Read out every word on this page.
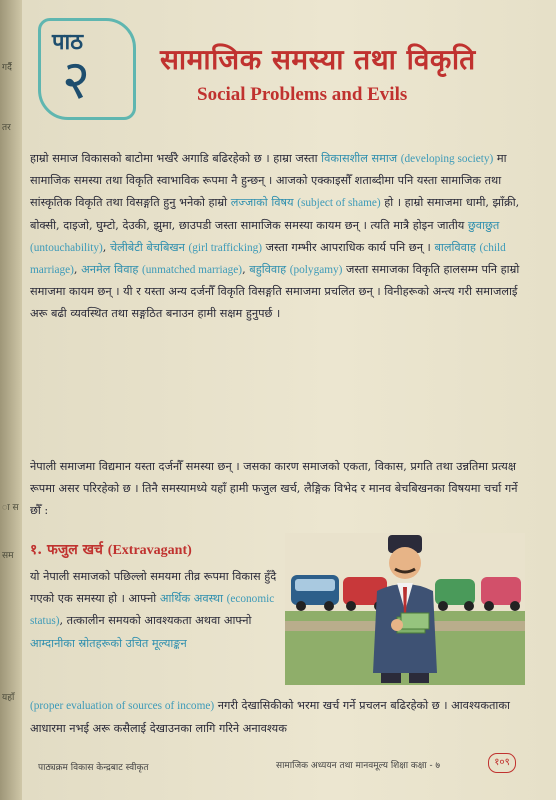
गर्दै
तर
ा स
सम
यहाँ
पाठ
२ सामाजिक समस्या तथा विकृति
Social Problems and Evils
हाम्रो समाज विकासको बाटोमा भर्खरै अगाडि बढिरहेको छ । हाम्रा जस्ता विकासशील समाज (developing society) मा सामाजिक समस्या तथा विकृति स्वाभाविक रूपमा नै हुन्छन् । आजको एक्काइसौँ शताब्दीमा पनि यस्ता सामाजिक तथा सांस्कृतिक विकृति तथा विसङ्गति हुनु भनेको हाम्रो लज्जाको विषय (subject of shame) हो । हाम्रो समाजमा धामी, झाँक्री, बोक्सी, दाइजो, घुम्टो, देउकी, झुमा, छाउपडी जस्ता सामाजिक समस्या कायम छन् । त्यति मात्रै होइन जातीय छुवाछुत (untouchability), चेलीबेटी बेचबिखन (girl trafficking) जस्ता गम्भीर आपराधिक कार्य पनि छन् । बालविवाह (child marriage), अनमेल विवाह (unmatched marriage), बहुविवाह (polygamy) जस्ता समाजका विकृति हालसम्म पनि हाम्रो समाजमा कायम छन् । यी र यस्ता अन्य दर्जनौँ विकृति विसङ्गति समाजमा प्रचलित छन् । विनीहरूको अन्त्य गरी समाजलाई अरू बढी व्यवस्थित तथा सङ्गठित बनाउन हामी सक्षम हुनुपर्छ ।
नेपाली समाजमा विद्यमान यस्ता दर्जनौँ समस्या छन् । जसका कारण समाजको एकता, विकास, प्रगति तथा उन्नतिमा प्रत्यक्ष रूपमा असर परिरहेको छ । तिनै समस्यामध्ये यहाँ हामी फजुल खर्च, लैङ्गिक विभेद र मानव बेचबिखनका विषयमा चर्चा गर्ने छौँ :
१. फजुल खर्च (Extravagant)
यो नेपाली समाजको पछिल्लो समयमा तीव्र रूपमा विकास हुँदै गएको एक समस्या हो । आफ्नो आर्थिक अवस्था (economic status), तत्कालीन समयको आवश्यकता अथवा आफ्नो आम्दानीका स्रोतहरूको उचित मूल्याङ्कन
(proper evaluation of sources of income) नगरी देखासिकीको भरमा खर्च गर्ने प्रचलन बढिरहेको छ । आवश्यकताका आधारमा नभई अरू कसैलाई देखाउनका लागि गरिने अनावश्यक
पाठ्यक्रम विकास केन्द्रबाट स्वीकृत	सामाजिक अध्ययन तथा मानवमूल्य शिक्षा कक्षा - ७	१०९
